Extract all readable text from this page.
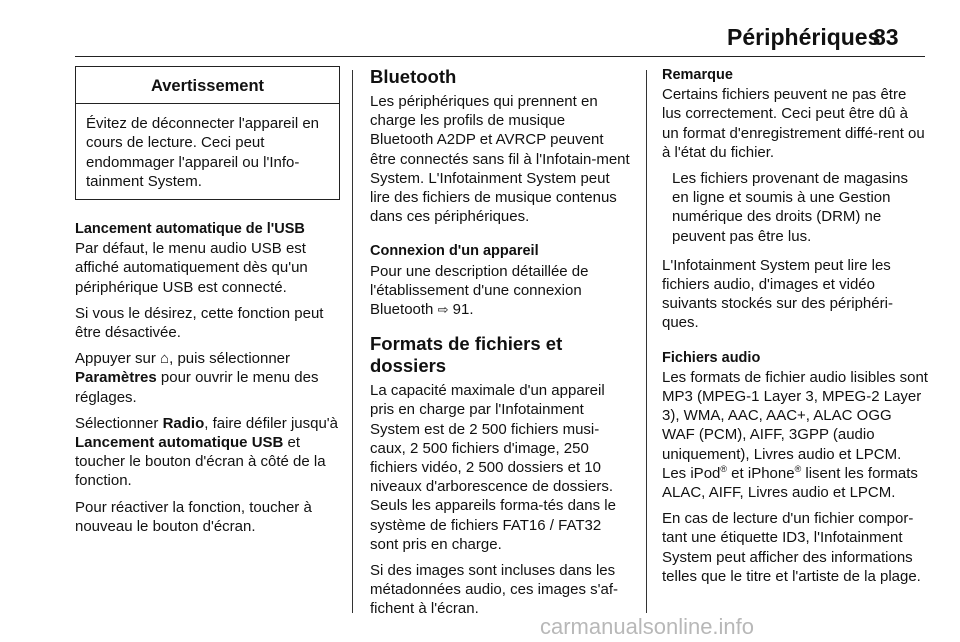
Périphériques
83
Avertissement
Évitez de déconnecter l'appareil en cours de lecture. Ceci peut endommager l'appareil ou l'Info-tainment System.
Lancement automatique de l'USB

Par défaut, le menu audio USB est affiché automatiquement dès qu'un périphérique USB est connecté.

Si vous le désirez, cette fonction peut être désactivée.

Appuyer sur ⌂, puis sélectionner Paramètres pour ouvrir le menu des réglages.

Sélectionner Radio, faire défiler jusqu'à Lancement automatique USB et toucher le bouton d'écran à côté de la fonction.

Pour réactiver la fonction, toucher à nouveau le bouton d'écran.

Bluetooth

Les périphériques qui prennent en charge les profils de musique Bluetooth A2DP et AVRCP peuvent être connectés sans fil à l'Infotain-ment System. L'Infotainment System peut lire des fichiers de musique contenus dans ces périphériques.

Connexion d'un appareil

Pour une description détaillée de l'établissement d'une connexion Bluetooth ⇨ 91.

Formats de fichiers et dossiers

La capacité maximale d'un appareil pris en charge par l'Infotainment System est de 2 500 fichiers musi-caux, 2 500 fichiers d'image, 250 fichiers vidéo, 2 500 dossiers et 10 niveaux d'arborescence de dossiers. Seuls les appareils forma-tés dans le système de fichiers FAT16 / FAT32 sont pris en charge.

Si des images sont incluses dans les métadonnées audio, ces images s'af-fichent à l'écran.

Remarque

Certains fichiers peuvent ne pas être lus correctement. Ceci peut être dû à un format d'enregistrement diffé-rent ou à l'état du fichier.

Les fichiers provenant de magasins en ligne et soumis à une Gestion numérique des droits (DRM) ne peuvent pas être lus.

L'Infotainment System peut lire les fichiers audio, d'images et vidéo suivants stockés sur des périphéri-ques.

Fichiers audio

Les formats de fichier audio lisibles sont MP3 (MPEG-1 Layer 3, MPEG-2 Layer 3), WMA, AAC, AAC+, ALAC OGG WAF (PCM), AIFF, 3GPP (audio uniquement), Livres audio et LPCM. Les iPod® et iPhone® lisent les formats ALAC, AIFF, Livres audio et LPCM.

En cas de lecture d'un fichier compor-tant une étiquette ID3, l'Infotainment System peut afficher des informations telles que le titre et l'artiste de la plage.

carmanualsonline.info
